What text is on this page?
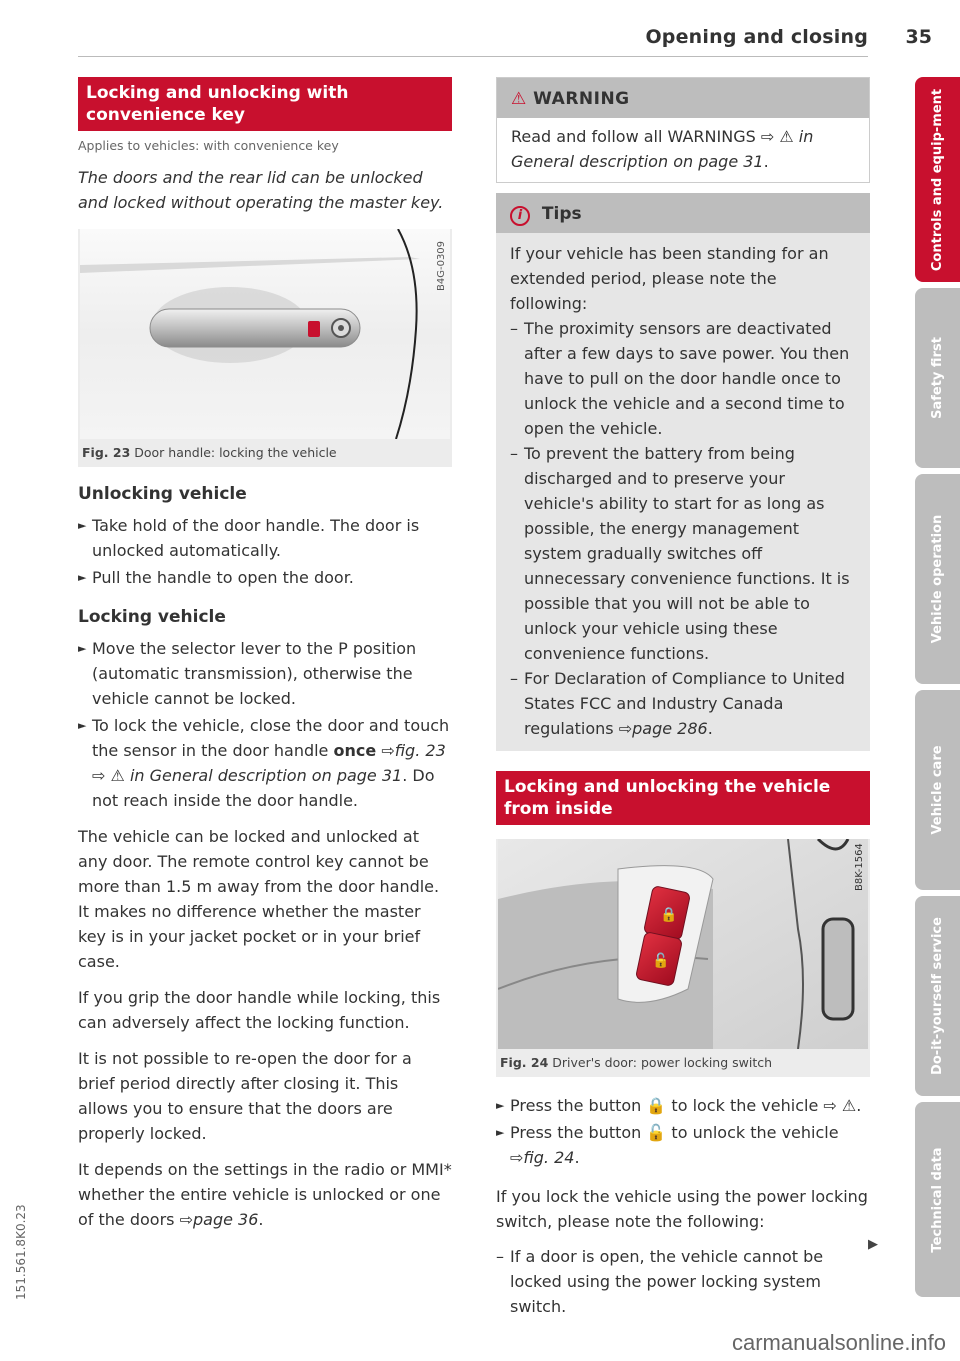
Opening and closing 35
Locking and unlocking with convenience key
Applies to vehicles: with convenience key
The doors and the rear lid can be unlocked and locked without operating the master key.
B4G-0309
Fig. 23 Door handle: locking the vehicle
Unlocking vehicle
► Take hold of the door handle. The door is unlocked automatically.
► Pull the handle to open the door.
Locking vehicle
► Move the selector lever to the P position (automatic transmission), otherwise the vehicle cannot be locked.
► To lock the vehicle, close the door and touch the sensor in the door handle once ⇨fig. 23 ⇨ ⚠ in General description on page 31. Do not reach inside the door handle.

The vehicle can be locked and unlocked at any door. The remote control key cannot be more than 1.5 m away from the door handle. It makes no difference whether the master key is in your jacket pocket or in your brief case.

If you grip the door handle while locking, this can adversely affect the locking function.

It is not possible to re-open the door for a brief period directly after closing it. This allows you to ensure that the doors are properly locked.

It depends on the settings in the radio or MMI* whether the entire vehicle is unlocked or one of the doors ⇨page 36.

⚠ WARNING
Read and follow all WARNINGS ⇨ ⚠ in General description on page 31.
i Tips
If your vehicle has been standing for an extended period, please note the following:
– The proximity sensors are deactivated after a few days to save power. You then have to pull on the door handle once to unlock the vehicle and a second time to open the vehicle.
– To prevent the battery from being discharged and to preserve your vehicle's ability to start for as long as possible, the energy management system gradually switches off unnecessary convenience functions. It is possible that you will not be able to unlock your vehicle using these convenience functions.
– For Declaration of Compliance to United States FCC and Industry Canada regulations ⇨page 286.
Locking and unlocking the vehicle from inside
🔒
🔓
B8K-1564
Fig. 24 Driver's door: power locking switch
► Press the button 🔒 to lock the vehicle ⇨ ⚠.
► Press the button 🔓 to unlock the vehicle
⇨fig. 24.

If you lock the vehicle using the power locking switch, please note the following:

– If a door is open, the vehicle cannot be locked using the power locking system switch.
▶
Controls and equip-ment
Safety first
Vehicle operation
Vehicle care
Do-it-yourself service
Technical data
151.561.8K0.23
carmanualsonline.info
